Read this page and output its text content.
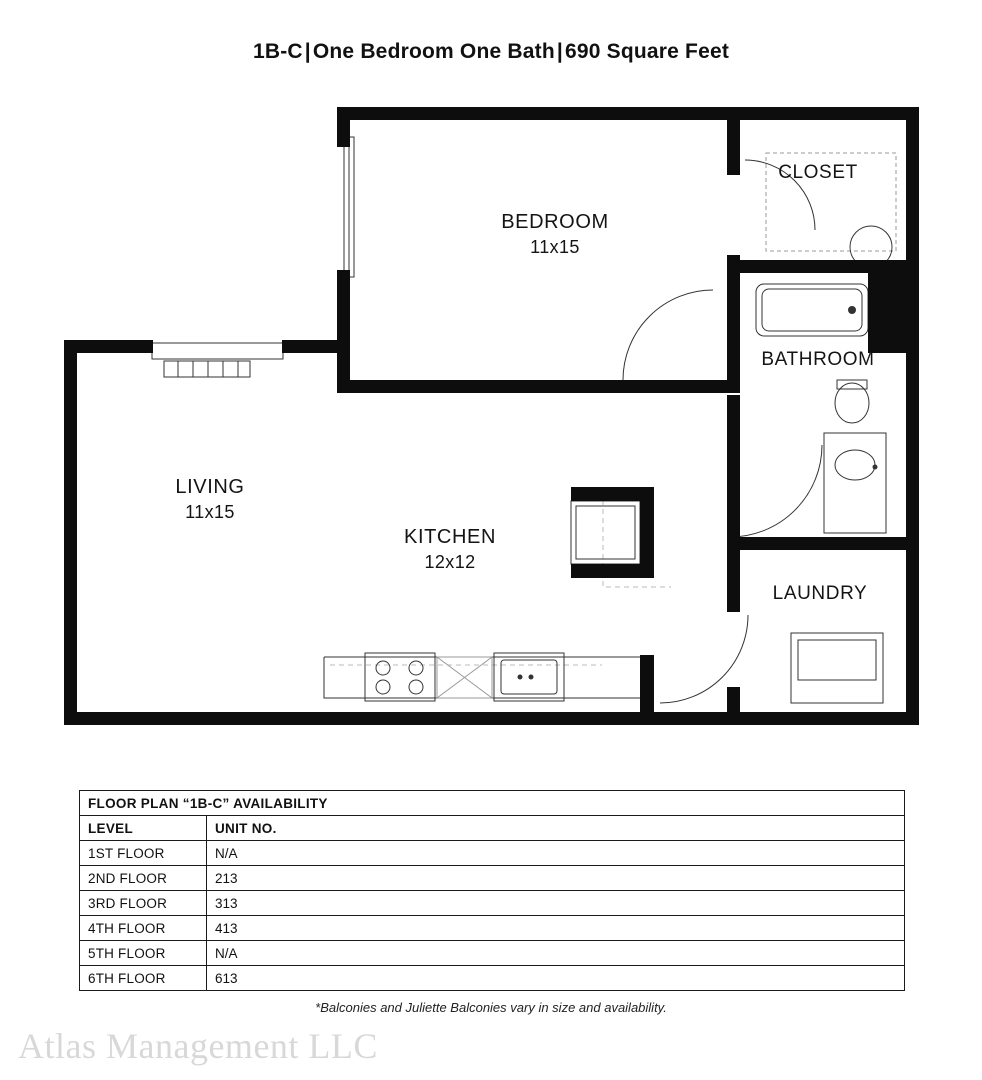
1B-C|One Bedroom One Bath|690 Square Feet
BEDROOM
11x15
CLOSET
BATHROOM
LIVING
11x15
KITCHEN
12x12
LAUNDRY
FLOOR PLAN “1B-C” AVAILABILITY	
LEVEL	UNIT NO.
1ST FLOOR	N/A
2ND FLOOR	213
3RD FLOOR	313
4TH FLOOR	413
5TH FLOOR	N/A
6TH FLOOR	613
*Balconies and Juliette Balconies vary in size and availability.
Atlas Management LLC
